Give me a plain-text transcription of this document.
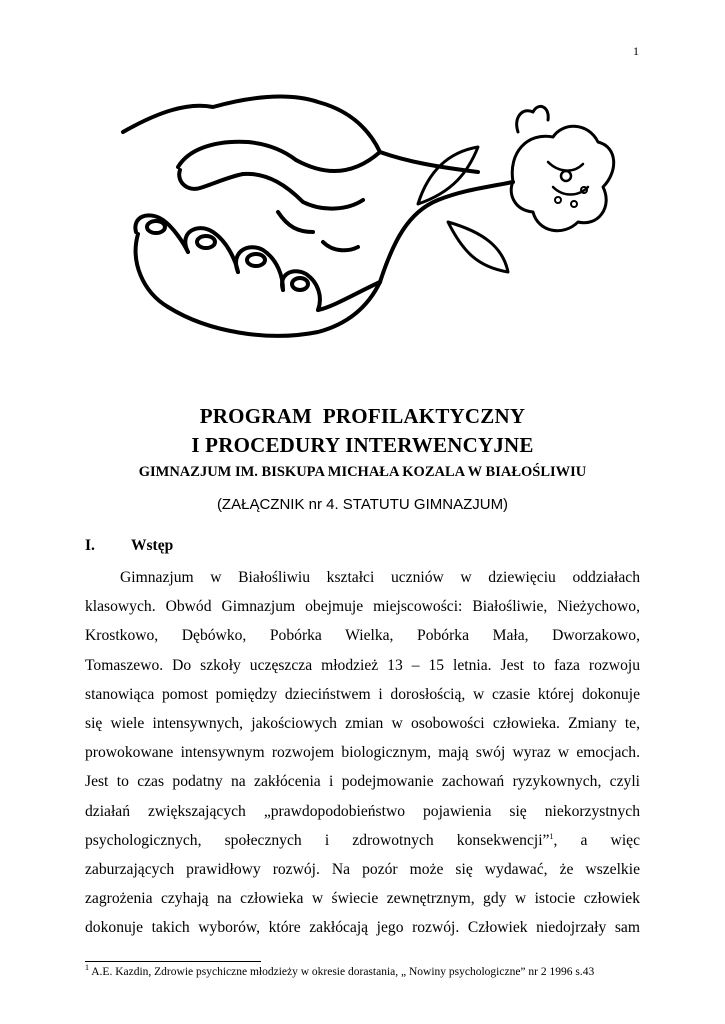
1
PROGRAM  PROFILAKTYCZNY
I PROCEDURY INTERWENCYJNE
GIMNAZJUM IM. BISKUPA MICHAŁA KOZALA W BIAŁOŚLIWIU
(ZAŁĄCZNIK nr 4. STATUTU GIMNAZJUM)
I. Wstęp
Gimnazjum w Białośliwiu kształci uczniów w dziewięciu oddziałach
klasowych. Obwód Gimnazjum obejmuje miejscowości: Białośliwie, Nieżychowo,
Krostkowo, Dębówko, Pobórka Wielka, Pobórka Mała, Dworzakowo,
Tomaszewo. Do szkoły uczęszcza młodzież 13 – 15 letnia. Jest to faza rozwoju
stanowiąca pomost pomiędzy dzieciństwem i dorosłością, w czasie której dokonuje
się wiele intensywnych, jakościowych zmian w osobowości człowieka. Zmiany te,
prowokowane intensywnym rozwojem biologicznym, mają swój wyraz w emocjach.
Jest to czas podatny na zakłócenia i podejmowanie zachowań ryzykownych, czyli
działań zwiększających „prawdopodobieństwo pojawienia się niekorzystnych
psychologicznych, społecznych i zdrowotnych konsekwencji”$^1$, a więc
zaburzających prawidłowy rozwój. Na pozór może się wydawać, że wszelkie
zagrożenia czyhają na człowieka w świecie zewnętrznym, gdy w istocie człowiek
dokonuje takich wyborów, które zakłócają jego rozwój. Człowiek niedojrzały sam
$^1$ A.E. Kazdin, Zdrowie psychiczne młodzieży w okresie dorastania, „ Nowiny psychologiczne” nr 2 1996 s.43
